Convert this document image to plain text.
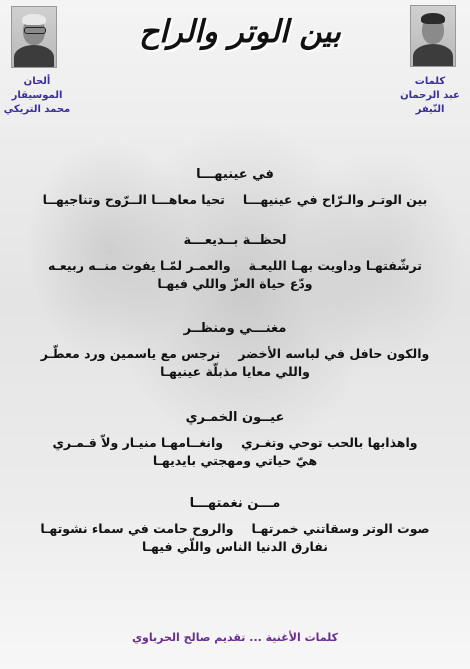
بين الوتر والراح
كلمات
عبد الرحمان
النّيفر
ألحان
الموسيقار
محمد التريكي
في عينيهـــا
بين الوتـر والـرّاح في عينيهـــاتحيا معاهـــا الــرّوح وتناجيهــا
لحظــة بــديعـــة
ترشّفتهـا وداويت بهـا الليعـةوالعمـر لمّـا يفوت منــه ربيعـه
ودّع حياة العزّ واللي فيهـا
مغنـــي ومنظــر
والكون حافل في لباسه الأخضرنرجس مع ياسمين ورد معطّـر
واللي معايا مذبلّة عينيهـا
عيــون الخمـري
واهذابها بالحب توحي وتغـريوانغــامهـا منيـار ولاّ قـمـري
هيّ حياتي ومهجتي بايديهـا
مـــن نغمتهـــا
صوت الوتر وسقاتني خمرتهـاوالروح حامت في سماء نشوتهـا
نفارق الدنيا الناس واللّي فيهـا
كلمات الأغنية ... تقديم صالح الحرباوي
